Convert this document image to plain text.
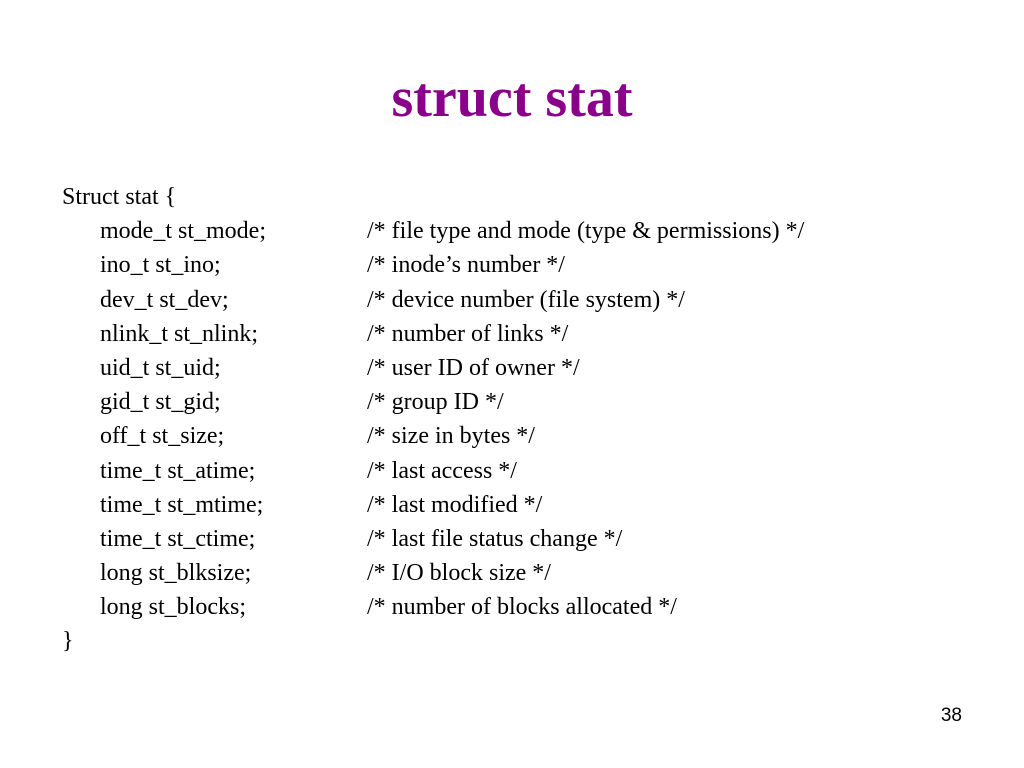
struct stat
Struct stat {
mode_t st_mode;	/* file type and mode (type & permissions) */
ino_t st_ino;	/* inode’s number */
dev_t st_dev;	/* device number (file system) */
nlink_t st_nlink;	/* number of links */
uid_t st_uid;	/* user ID of owner */
gid_t st_gid;	/* group ID */
off_t st_size;	/* size in bytes */
time_t st_atime;	/* last access */
time_t st_mtime;	/* last modified */
time_t st_ctime;	/* last file status change */
long st_blksize;	/* I/O block size */
long st_blocks;	/* number of blocks allocated */
}
38
